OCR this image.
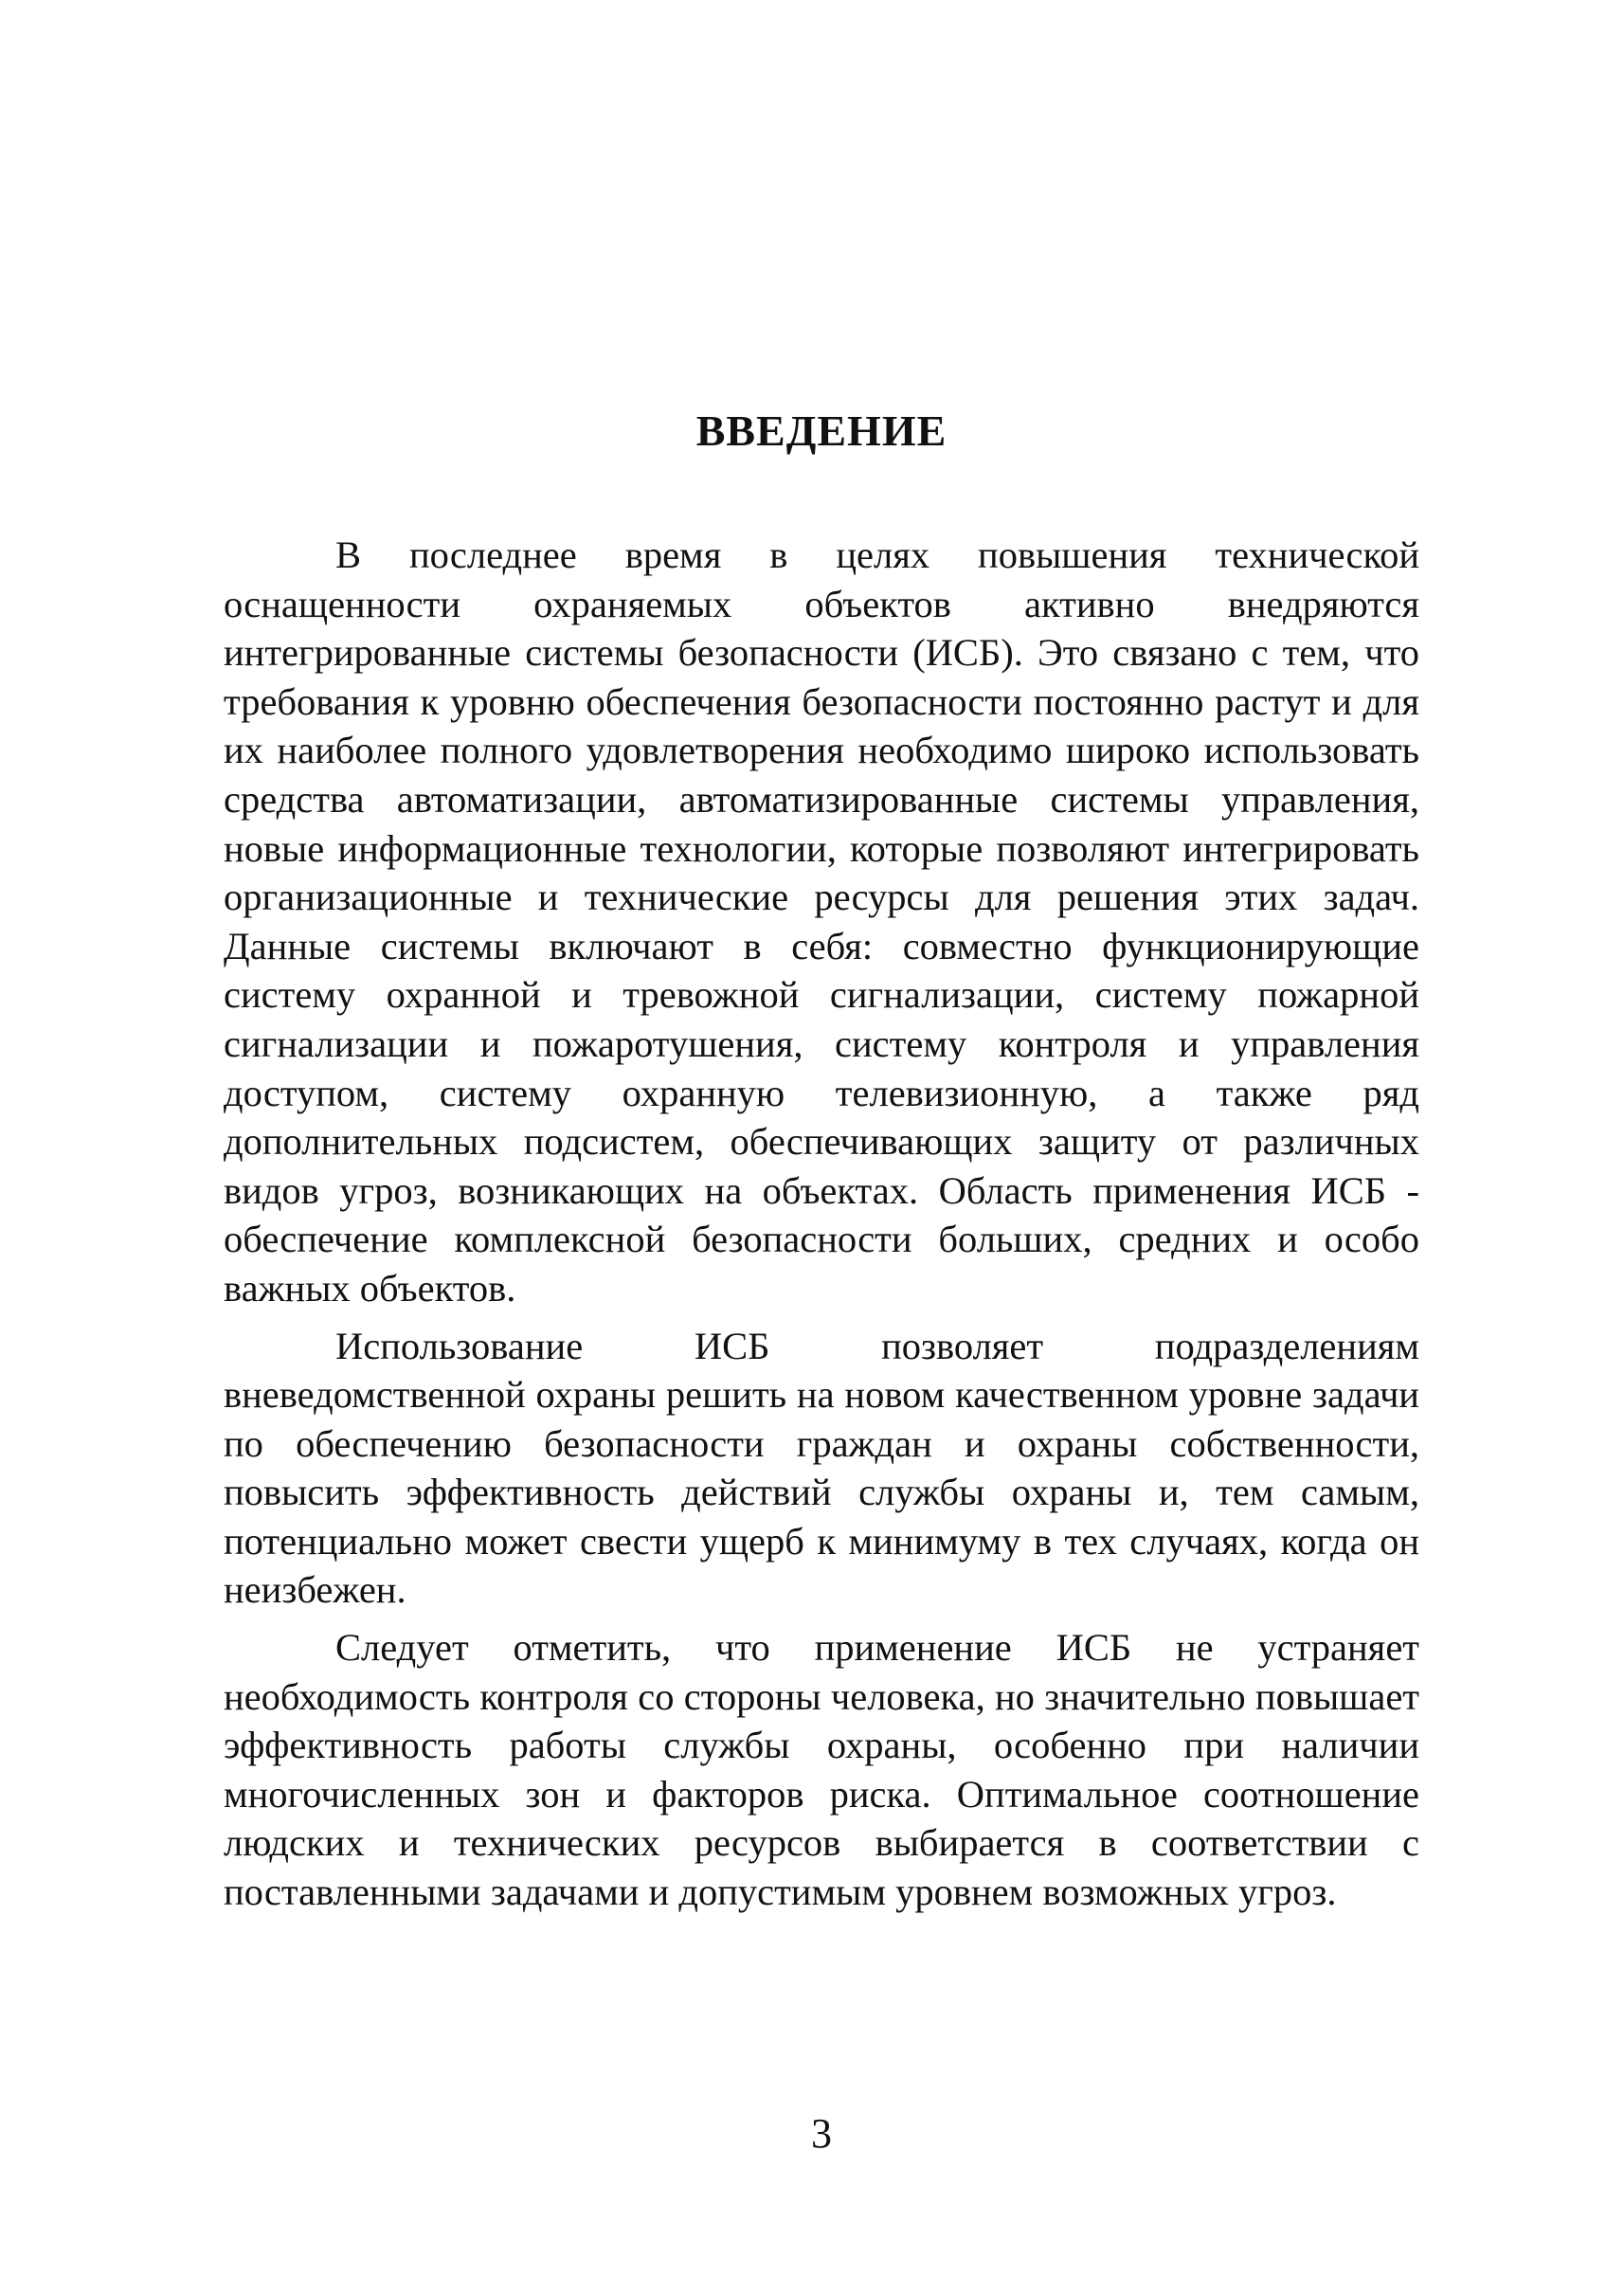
ВВЕДЕНИЕ

В последнее время в целях повышения технической оснащенности охраняемых объектов активно внедряются интегрированные системы безопасности (ИСБ). Это связано с тем, что требования к уровню обеспечения безопасности постоянно растут и для их наиболее полного удовлетворения необходимо широко использовать средства автоматизации, автоматизированные системы управления, новые информационные технологии, которые позволяют интегрировать организационные и технические ресурсы для решения этих задач. Данные системы включают в себя: совместно функционирующие систему охранной и тревожной сигнализации, систему пожарной сигнализации и пожаротушения, систему контроля и управления доступом, систему охранную телевизионную, а также ряд дополнительных подсистем, обеспечивающих защиту от различных видов угроз, возникающих на объектах. Область применения ИСБ - обеспечение комплексной безопасности больших, средних и особо важных объектов.

Использование ИСБ позволяет подразделениям вневедомственной охраны решить на новом качественном уровне задачи по обеспечению безопасности граждан и охраны собственности, повысить эффективность действий службы охраны и, тем самым, потенциально может свести ущерб к минимуму в тех случаях, когда он неизбежен.

Следует отметить, что применение ИСБ не устраняет необходимость контроля со стороны человека, но значительно повышает эффективность работы службы охраны, особенно при наличии многочисленных зон и факторов риска. Оптимальное соотношение людских и технических ресурсов выбирается в соответствии с поставленными задачами и допустимым уровнем возможных угроз.

3
